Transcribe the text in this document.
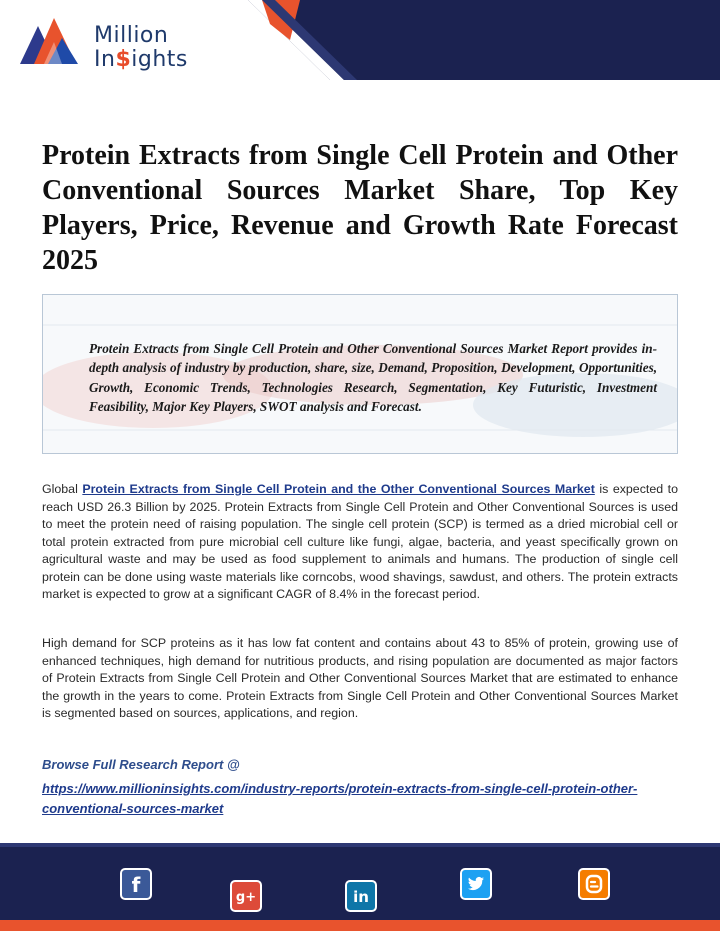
Million
In$ights
Protein Extracts from Single Cell Protein and Other Conventional Sources Market Share, Top Key Players, Price, Revenue and Growth Rate Forecast 2025

Protein Extracts from Single Cell Protein and Other Conventional Sources Market Report provides in-depth analysis of industry by production, share, size, Demand, Proposition, Development, Opportunities, Growth, Economic Trends, Technologies Research, Segmentation, Key Futuristic, Investment Feasibility, Major Key Players, SWOT analysis and Forecast.

Global Protein Extracts from Single Cell Protein and the Other Conventional Sources Market is expected to reach USD 26.3 Billion by 2025. Protein Extracts from Single Cell Protein and Other Conventional Sources is used to meet the protein need of raising population. The single cell protein (SCP) is termed as a dried microbial cell or total protein extracted from pure microbial cell culture like fungi, algae, bacteria, and yeast specifically grown on agricultural waste and may be used as food supplement to animals and humans. The production of single cell protein can be done using waste materials like corncobs, wood shavings, sawdust, and others. The protein extracts market is expected to grow at a significant CAGR of 8.4% in the forecast period.

High demand for SCP proteins as it has low fat content and contains about 43 to 85% of protein, growing use of enhanced techniques, high demand for nutritious products, and rising population are documented as major factors of Protein Extracts from Single Cell Protein and Other Conventional Sources Market that are estimated to enhance the growth in the years to come. Protein Extracts from Single Cell Protein and Other Conventional Sources Market is segmented based on sources, applications, and region.

Browse Full Research Report @

https://www.millioninsights.com/industry-reports/protein-extracts-from-single-cell-protein-other-conventional-sources-market
f
g+	in
